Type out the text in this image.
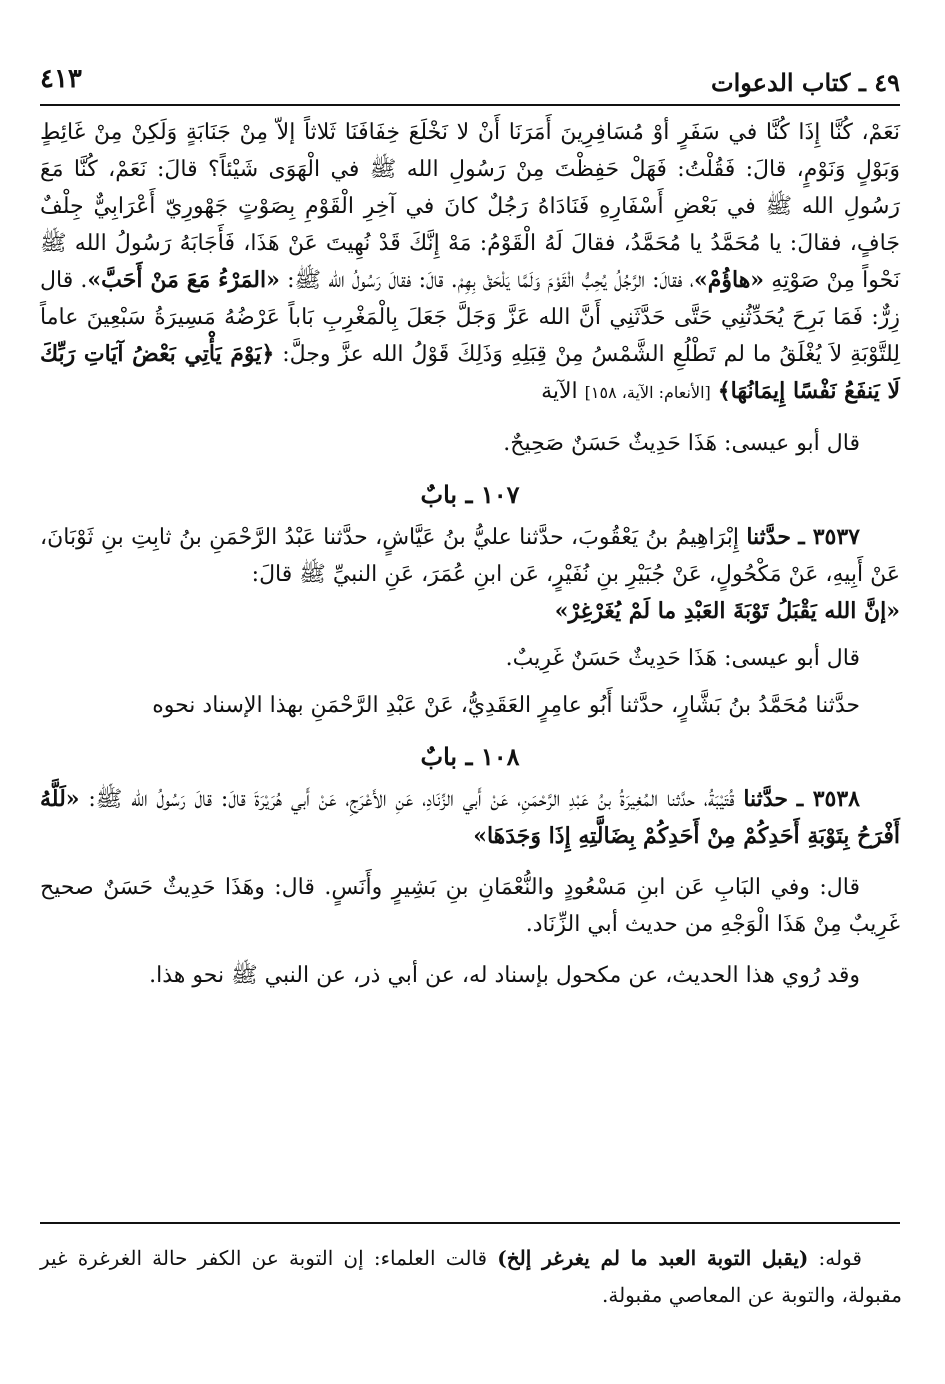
٤٩ ـ كتاب الدعوات
٤١٣

نَعَمْ، كُنَّا إِذَا كُنَّا في سَفَرٍ أوْ مُسَافِرِينَ أَمَرَنَا أَنْ لا نَخْلَعَ خِفَافَنَا ثَلاثاً إلاّ مِنْ جَنَابَةٍ وَلَكِنْ مِنْ غَائِطٍ وَبَوْلٍ وَنَوْمٍ، قالَ: فَقُلْتُ: فَهَلْ حَفِظْتَ مِنْ رَسُولِ الله ﷺ في الْهَوَى شَيْئاً؟ قالَ: نَعَمْ، كُنَّا مَعَ رَسُولِ الله ﷺ في بَعْضِ أَسْفَارِهِ فَنَادَاهُ رَجُلٌ كانَ في آخِرِ الْقَوْمِ بِصَوْتٍ جَهْورِيّ أَعْرَابِيٌّ جِلْفٌ جَافٍ، فقالَ: يا مُحَمَّدُ يا مُحَمَّدُ، فقالَ لَهُ الْقَوْمُ: مَهْ إِنَّكَ قَدْ نُهِيتَ عَنْ هَذَا، فَأَجَابَهُ رَسُولُ الله ﷺ نَحْواً مِنْ صَوْتِهِ «هاؤُمْ»، فقالَ: الرَّجُلُ يُحِبُّ الْقَوْمَ وَلَمَّا يَلْحَقْ بِهِمْ. قالَ: فقالَ رَسُولُ الله ﷺ: «المَرْءُ مَعَ مَنْ أَحَبَّ». قال زِرٌّ: فَمَا بَرِحَ يُحَدِّثُنِي حَتَّى حَدَّثَنِي أَنَّ الله عَزَّ وَجَلَّ جَعَلَ بِالْمَغْرِبِ بَاباً عَرْضُهُ مَسِيرَةُ سَبْعِينَ عاماً لِلتَّوْبَةِ لاَ يُغْلَقُ ما لم تَطْلُعِ الشَّمْسُ مِنْ قِبَلِهِ وَذَلِكَ قَوْلُ الله عزَّ وجلَّ: ﴿يَوْمَ يَأْتِي بَعْضُ آيَاتِ رَبِّكَ لَا يَنفَعُ نَفْسًا إِيمَانُهَا﴾ [الأنعام: الآية، ١٥٨] الآية

قال أبو عيسى: هَذَا حَدِيثٌ حَسَنٌ صَحِيحٌ.

١٠٧ ـ بابٌ

٣٥٣٧ ـ حدَّثنا إِبْرَاهِيمُ بنُ يَعْقُوبَ، حدَّثنا عليُّ بنُ عَيَّاشٍ، حدَّثنا عَبْدُ الرَّحْمَنِ بنُ ثابِتِ بنِ ثَوْبَانَ، عَنْ أَبِيهِ، عَنْ مَكْحُولٍ، عَنْ جُبَيْرِ بنِ نُفَيْرٍ، عَن ابنِ عُمَرَ، عَنِ النبيِّ ﷺ قالَ:
«إنَّ الله يَقْبَلُ تَوْبَةَ العَبْدِ ما لَمْ يُغَرْغِرْ»

قال أبو عيسى: هَذَا حَدِيثٌ حَسَنٌ غَرِيبٌ.

حدَّثنا مُحَمَّدُ بنُ بَشَّارٍ، حدَّثنا أَبُو عامِرٍ العَقَدِيُّ، عَنْ عَبْدِ الرَّحْمَنِ بهذا الإسناد نحوه

١٠٨ ـ بابٌ

٣٥٣٨ ـ حدَّثنا قُتَيْبَةُ، حدَّثنا المُغِيرَةُ بنُ عَبْدِ الرَّحْمَنِ، عَنْ أَبي الزِّنَادِ، عَنِ الأَعْرَجِ، عَنْ أَبي هُرَيْرَةَ قالَ: قالَ رَسُولُ الله ﷺ: «لَلَّهُ أَفْرَحُ بِتَوْبَةِ أَحَدِكُمْ مِنْ أَحَدِكُمْ بِضَالَّتِهِ إِذَا وَجَدَهَا»

قال: وفي البَابِ عَن ابنِ مَسْعُودٍ والنُّعْمَانِ بنِ بَشِيرٍ وأَنَسٍ. قال: وهَذَا حَدِيثٌ حَسَنٌ صحيح غَرِيبٌ مِنْ هَذَا الْوَجْهِ من حديث أبي الزِّنَاد.

وقد رُوي هذا الحديث، عن مكحول بإسناد له، عن أبي ذر، عن النبي ﷺ نحو هذا.

قوله: (يقبل التوبة العبد ما لم يغرغر إلخ) قالت العلماء: إن التوبة عن الكفر حالة الغرغرة غير مقبولة، والتوبة عن المعاصي مقبولة.
